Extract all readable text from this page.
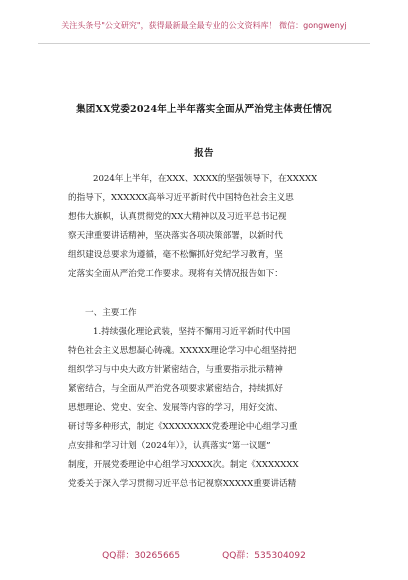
关注头条号"公文研究"，获得最新最全最专业的公文资料库！ 微信：gongwenyj
集团XX党委2024年上半年落实全面从严治党主体责任情况
报告
2024年上半年，在XXX、XXXX的坚强领导下，在XXXXX
的指导下，XXXXXX高举习近平新时代中国特色社会主义思
想伟大旗帜，认真贯彻党的XX大精神以及习近平总书记视
察天津重要讲话精神，坚决落实各项决策部署，以新时代
组织建设总要求为遵循，毫不松懈抓好党纪学习教育，坚
定落实全面从严治党工作要求。现将有关情况报告如下：
一、主要工作
1.持续强化理论武装，坚持不懈用习近平新时代中国
特色社会主义思想凝心铸魂。XXXXX理论学习中心组坚持把
组织学习与中央大政方针紧密结合，与重要指示批示精神
紧密结合，与全面从严治党各项要求紧密结合，持续抓好
思想理论、党史、安全、发展等内容的学习，用好交流、
研讨等多种形式，制定《XXXXXXXX党委理论中心组学习重
点安排和学习计划（2024年）》，认真落实“第一议题”
制度，开展党委理论中心组学习XXXX次。制定《XXXXXXX
党委关于深入学习贯彻习近平总书记视察XXXXX重要讲话精
QQ群：30265665	QQ群：535304092
